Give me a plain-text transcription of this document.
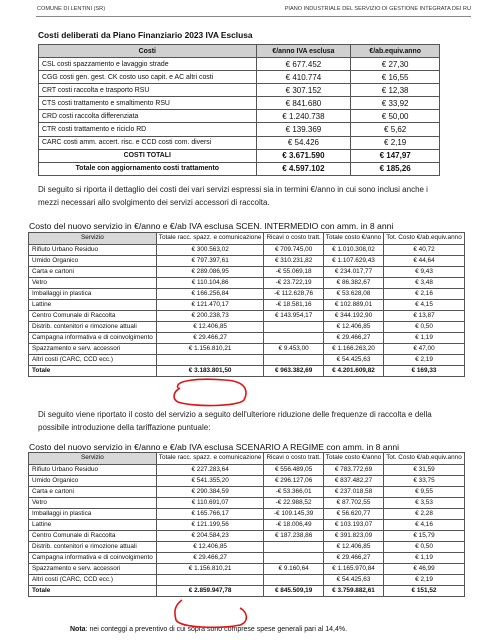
COMUNE DI LENTINI (SR)	PIANO INDUSTRIALE DEL SERVIZIO DI GESTIONE INTEGRATA DEI RU
Costi deliberati da Piano Finanziario 2023 IVA Esclusa
Costi	€/anno IVA esclusa	€/ab.equiv.anno
CSL costi spazzamento e lavaggio strade	€ 677.452	€ 27,30
CGG costi gen. gest. CK costo uso capit. e AC altri costi	€ 410.774	€ 16,55
CRT costi raccolta e trasporto RSU	€ 307.152	€ 12,38
CTS costi trattamento e smaltimento RSU	€ 841.680	€ 33,92
CRD costi raccolta differenziata	€ 1.240.738	€ 50,00
CTR costi trattamento e riciclo RD	€ 139.369	€ 5,62
CARC costi amm. accert. risc. e CCD costi com. diversi	€ 54.426	€ 2,19
COSTI TOTALI	€ 3.671.590	€ 147,97
Totale con aggiornamento costi trattamento	€ 4.597.102	€ 185,26
Di seguito si riporta il dettaglio dei costi dei vari servizi espressi sia in termini €/anno in cui sono inclusi anche i mezzi necessari allo svolgimento dei servizi accessori di raccolta.
Costo del nuovo servizio in €/anno e €/ab IVA esclusa SCEN. INTERMEDIO con amm. in 8 anni
Servizio	Totale racc. spazz. e comunicazione	Ricavi o costo tratt.	Totale costo €/anno	Tot. Costo €/ab.equiv.anno
Rifiuto Urbano Residuo	€ 300.563,02	€ 709.745,00	€ 1.010.308,02	€ 40,72
Umido Organico	€ 797.397,61	€ 310.231,82	€ 1.107.629,43	€ 44,64
Carta e cartoni	€ 289.086,95	-€ 55.069,18	€ 234.017,77	€ 9,43
Vetro	€ 110.104,86	-€ 23.722,19	€ 86.382,67	€ 3,48
Imballaggi in plastica	€ 166.256,84	-€ 112.628,76	€ 53.628,08	€ 2,16
Lattine	€ 121.470,17	-€ 18.581,16	€ 102.889,01	€ 4,15
Centro Comunale di Raccolta	€ 200.238,73	€ 143.954,17	€ 344.192,90	€ 13,87
Distrib. contenitori e rimozione attuali	€ 12.406,85		€ 12.406,85	€ 0,50
Campagna informativa e di coinvolgimento	€ 29.466,27		€ 29.466,27	€ 1,19
Spazzamento e serv. accessori	€ 1.156.810,21	€ 9.453,00	€ 1.166.263,20	€ 47,00
Altri costi (CARC, CCD ecc.)			€ 54.425,63	€ 2,19
Totale	€ 3.183.801,50	€ 963.382,69	€ 4.201.609,82	€ 169,33
Di seguito viene riportato il costo del servizio a seguito dell'ulteriore riduzione delle frequenze di raccolta e della possibile introduzione della tariffazione puntuale:
Costo del nuovo servizio in €/anno e €/ab IVA esclusa SCENARIO A REGIME con amm. in 8 anni
Servizio	Totale racc. spazz. e comunicazione	Ricavi o costo tratt.	Totale costo €/anno	Tot. Costo €/ab.equiv.anno
Rifiuto Urbano Residuo	€ 227.283,64	€ 556.489,05	€ 783.772,69	€ 31,59
Umido Organico	€ 541.355,20	€ 296.127,06	€ 837.482,27	€ 33,75
Carta e cartoni	€ 290.384,59	-€ 53.366,01	€ 237.018,58	€ 9,55
Vetro	€ 110.691,07	-€ 22.988,52	€ 87.702,55	€ 3,53
Imballaggi in plastica	€ 165.766,17	-€ 109.145,39	€ 56.620,77	€ 2,28
Lattine	€ 121.199,56	-€ 18.006,49	€ 103.193,07	€ 4,16
Centro Comunale di Raccolta	€ 204.584,23	€ 187.238,86	€ 391.823,09	€ 15,79
Distrib. contenitori e rimozione attuali	€ 12.406,85		€ 12.406,85	€ 0,50
Campagna informativa e di coinvolgimento	€ 29.466,27		€ 29.466,27	€ 1,19
Spazzamento e serv. accessori	€ 1.156.810,21	€ 9.160,64	€ 1.165.970,84	€ 46,99
Altri costi (CARC, CCD ecc.)			€ 54.425,63	€ 2,19
Totale	€ 2.859.947,78	€ 845.509,19	€ 3.759.882,61	€ 151,52
Nota: nei conteggi a preventivo di cui sopra sono comprese spese generali pari al 14,4%.
